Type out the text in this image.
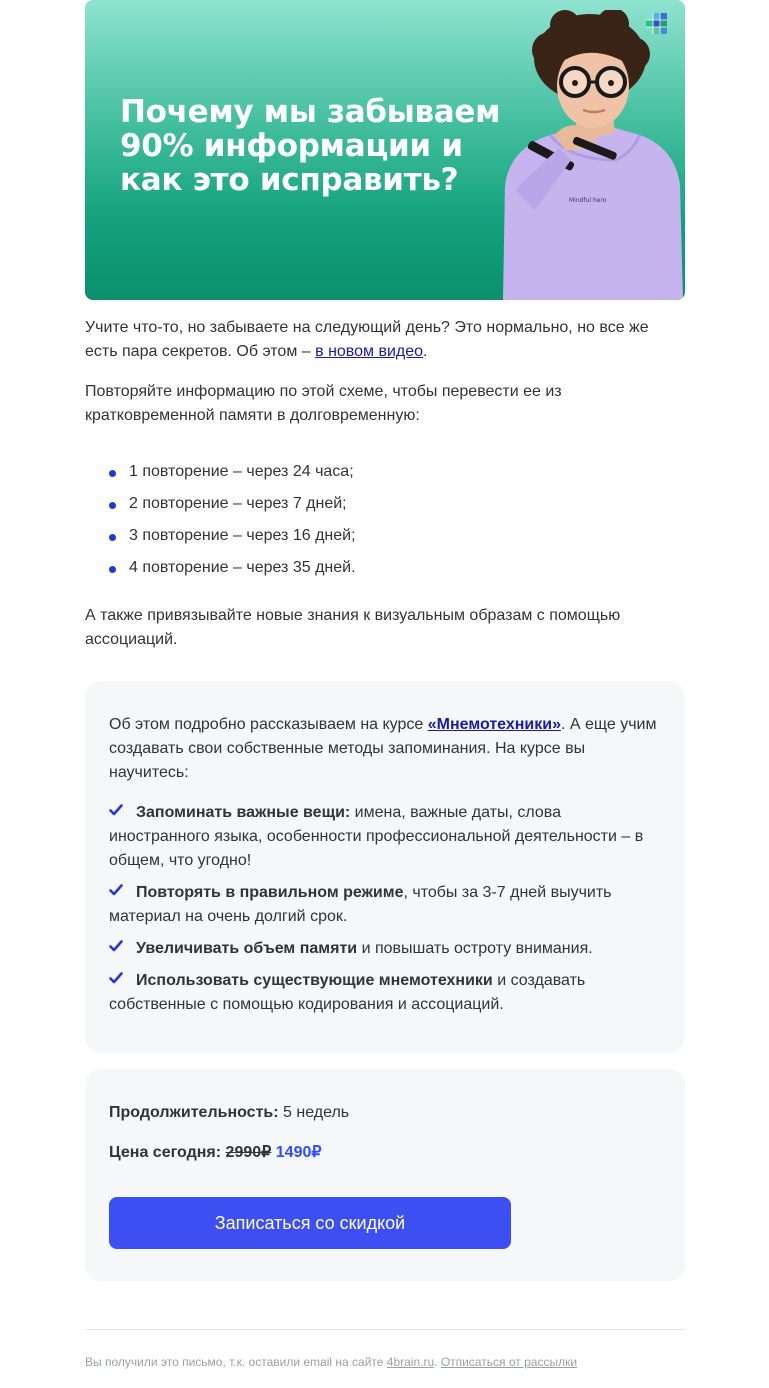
Почему мы забываем
90% информации и
как это исправить?
Mindful hero

Учите что-то, но забываете на следующий день? Это нормально, но все же есть пара секретов. Об этом – в новом видео.

Повторяйте информацию по этой схеме, чтобы перевести ее из кратковременной памяти в долговременную:

1 повторение – через 24 часа;
2 повторение – через 7 дней;
3 повторение – через 16 дней;
4 повторение – через 35 дней.

А также привязывайте новые знания к визуальным образам с помощью ассоциаций.

Об этом подробно рассказываем на курсе «Мнемотехники». А еще учим создавать свои собственные методы запоминания. На курсе вы научитесь:

Запоминать важные вещи: имена, важные даты, слова иностранного языка, особенности профессиональной деятельности – в общем, что угодно!
Повторять в правильном режиме, чтобы за 3-7 дней выучить материал на очень долгий срок.
Увеличивать объем памяти и повышать остроту внимания.
Использовать существующие мнемотехники и создавать собственные с помощью кодирования и ассоциаций.

Продолжительность: 5 недель

Цена сегодня: 2990₽ 1490₽

Записаться со скидкой
Вы получили это письмо, т.к. оставили email на сайте 4brain.ru. Отписаться от рассылки
